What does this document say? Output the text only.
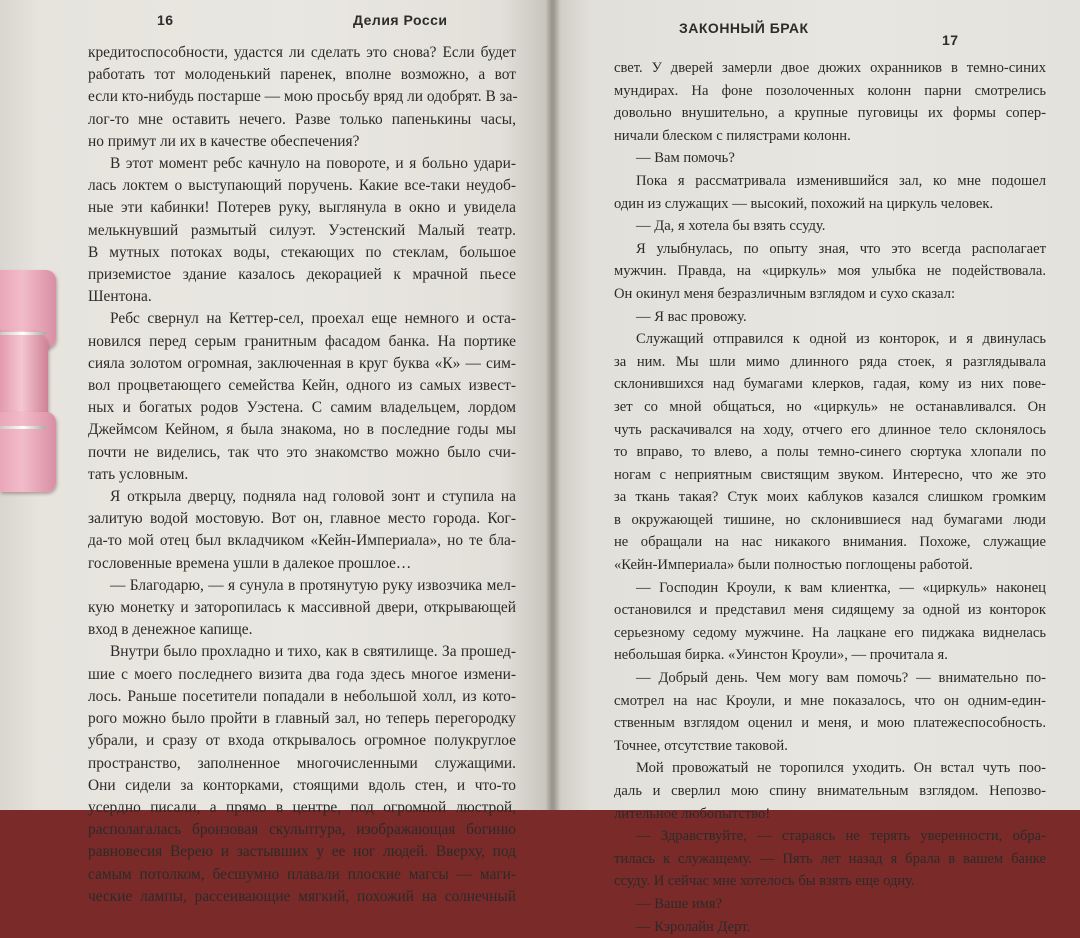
16	Делия Росси
кредитоспособности, удастся ли сделать это снова? Если будет
работать тот молоденький паренек, вполне возможно, а вот
если кто-нибудь постарше — мою просьбу вряд ли одобрят. В за-
лог-то мне оставить нечего. Разве только папенькины часы,
но примут ли их в качестве обеспечения?
В этот момент ребс качнуло на повороте, и я больно удари-
лась локтем о выступающий поручень. Какие все-таки неудоб-
ные эти кабинки! Потерев руку, выглянула в окно и увидела
мелькнувший размытый силуэт. Уэстенский Малый театр.
В мутных потоках воды, стекающих по стеклам, большое
приземистое здание казалось декорацией к мрачной пьесе
Шентона.
Ребс свернул на Кеттер-сел, проехал еще немного и оста-
новился перед серым гранитным фасадом банка. На портике
сияла золотом огромная, заключенная в круг буква «К» — сим-
вол процветающего семейства Кейн, одного из самых извест-
ных и богатых родов Уэстена. С самим владельцем, лордом
Джеймсом Кейном, я была знакома, но в последние годы мы
почти не виделись, так что это знакомство можно было счи-
тать условным.
Я открыла дверцу, подняла над головой зонт и ступила на
залитую водой мостовую. Вот он, главное место города. Ког-
да-то мой отец был вкладчиком «Кейн-Империала», но те бла-
гословенные времена ушли в далекое прошлое…
— Благодарю, — я сунула в протянутую руку извозчика мел-
кую монетку и заторопилась к массивной двери, открывающей
вход в денежное капище.
Внутри было прохладно и тихо, как в святилище. За прошед-
шие с моего последнего визита два года здесь многое измени-
лось. Раньше посетители попадали в небольшой холл, из кото-
рого можно было пройти в главный зал, но теперь перегородку
убрали, и сразу от входа открывалось огромное полукруглое
пространство, заполненное многочисленными служащими.
Они сидели за конторками, стоящими вдоль стен, и что-то
усердно писали, а прямо в центре, под огромной люстрой,
располагалась бронзовая скульптура, изображающая богиню
равновесия Верею и застывших у ее ног людей. Вверху, под
самым потолком, бесшумно плавали плоские магсы — маги-
ческие лампы, рассеивающие мягкий, похожий на солнечный
ЗАКОННЫЙ БРАК
17
свет. У дверей замерли двое дюжих охранников в темно-синих
мундирах. На фоне позолоченных колонн парни смотрелись
довольно внушительно, а крупные пуговицы их формы сопер-
ничали блеском с пилястрами колонн.
— Вам помочь?
Пока я рассматривала изменившийся зал, ко мне подошел
один из служащих — высокий, похожий на циркуль человек.
— Да, я хотела бы взять ссуду.
Я улыбнулась, по опыту зная, что это всегда располагает
мужчин. Правда, на «циркуль» моя улыбка не подействовала.
Он окинул меня безразличным взглядом и сухо сказал:
— Я вас провожу.
Служащий отправился к одной из конторок, и я двинулась
за ним. Мы шли мимо длинного ряда стоек, я разглядывала
склонившихся над бумагами клерков, гадая, кому из них пове-
зет со мной общаться, но «циркуль» не останавливался. Он
чуть раскачивался на ходу, отчего его длинное тело склонялось
то вправо, то влево, а полы темно-синего сюртука хлопали по
ногам с неприятным свистящим звуком. Интересно, что же это
за ткань такая? Стук моих каблуков казался слишком громким
в окружающей тишине, но склонившиеся над бумагами люди
не обращали на нас никакого внимания. Похоже, служащие
«Кейн-Империала» были полностью поглощены работой.
— Господин Кроули, к вам клиентка, — «циркуль» наконец
остановился и представил меня сидящему за одной из конторок
серьезному седому мужчине. На лацкане его пиджака виднелась
небольшая бирка. «Уинстон Кроули», — прочитала я.
— Добрый день. Чем могу вам помочь? — внимательно по-
смотрел на нас Кроули, и мне показалось, что он одним-един-
ственным взглядом оценил и меня, и мою платежеспособность.
Точнее, отсутствие таковой.
Мой провожатый не торопился уходить. Он встал чуть поо-
даль и сверлил мою спину внимательным взглядом. Непозво-
лительное любопытство!
— Здравствуйте, — стараясь не терять уверенности, обра-
тилась к служащему. — Пять лет назад я брала в вашем банке
ссуду. И сейчас мне хотелось бы взять еще одну.
— Ваше имя?
— Кэролайн Дерт.
